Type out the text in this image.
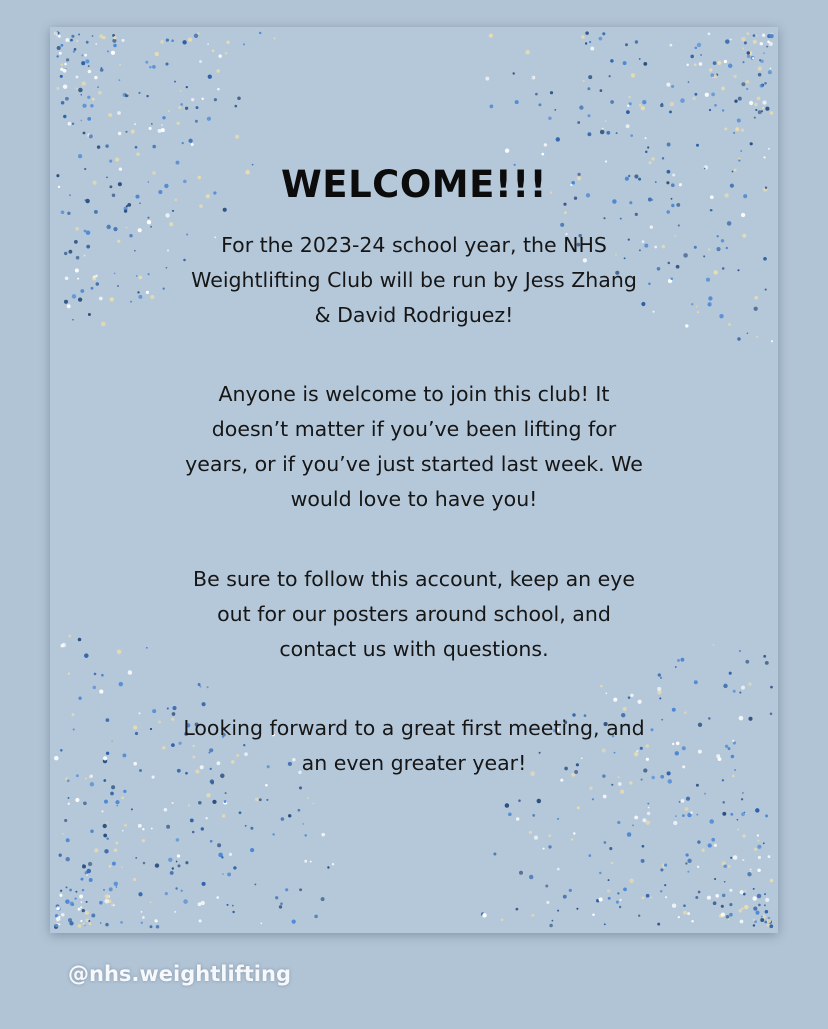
WELCOME!!!
For the 2023-24 school year, the NHS
Weightlifting Club will be run by Jess Zhang
& David Rodriguez!
Anyone is welcome to join this club! It
doesn’t matter if you’ve been lifting for
years, or if you’ve just started last week. We
would love to have you!
Be sure to follow this account, keep an eye
out for our posters around school, and
contact us with questions.
Looking forward to a great first meeting, and
an even greater year!
@nhs.weightlifting
